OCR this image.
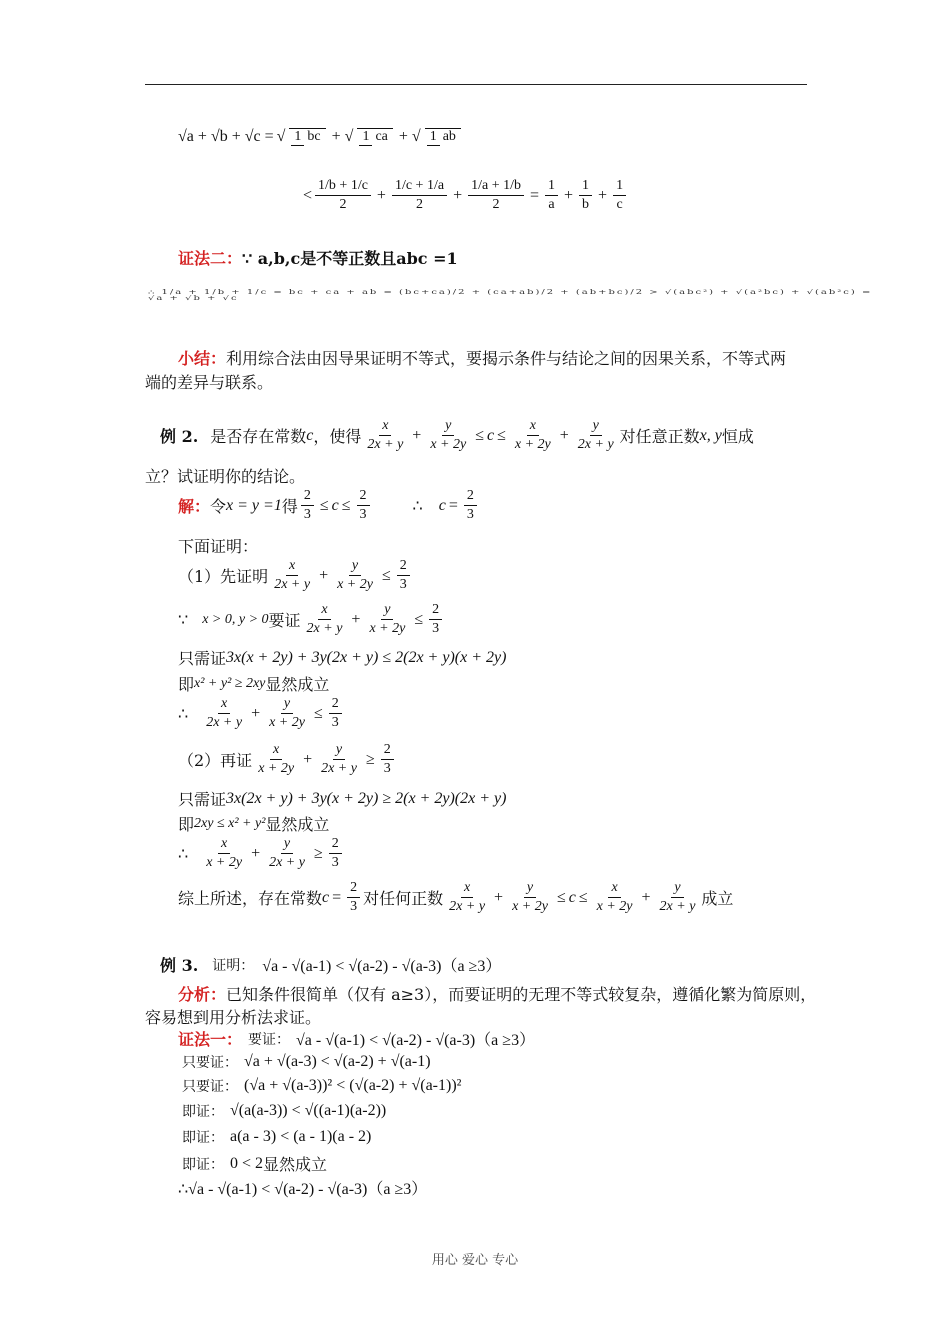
√a + √b + √c = √ 1 bc + √ 1 ca + √ 1 ab
< $\frac{1/b + 1/c}{2} + \frac{1/c + 1/a}{2} + \frac{1/a + 1/b}{2} = \frac{1}{a} + \frac{1}{b} + \frac{1}{c}$
证法二： ∵ a,b,c是不等正数且abc =1
∴ 1/a + 1/b + 1/c = bc + ca + ab = (bc+ca)/2 + (ca+ab)/2 + (ab+bc)/2 > √(abc²) + √(a²bc) + √(ab²c) = √a + √b + √c
小结： 利用综合法由因导果证明不等式，要揭示条件与结论之间的因果关系，不等式两
端的差异与联系。
例 2. 是否存在常数 c ，使得 $\frac{x}{2x + y} + \frac{y}{x + 2y} \le c \le \frac{x}{x + 2y} + \frac{y}{2x + y}$ 对任意正数 x, y 恒成
立？试证明你的结论。
解： 令 x = y =1 得 $\frac{2}{3} \le c \le \frac{2}{3}$	∴ $c = \frac{2}{3}$
下面证明：
（1）先证明 $\frac{x}{2x + y} + \frac{y}{x + 2y} \le \frac{2}{3}$
∵ x > 0, y > 0 要证 $\frac{x}{2x + y} + \frac{y}{x + 2y} \le \frac{2}{3}$
只需证 3x(x + 2y) + 3y(2x + y) ≤ 2(2x + y)(x + 2y)
即 x² + y² ≥ 2xy 显然成立
∴ $\frac{x}{2x + y} + \frac{y}{x + 2y} \le \frac{2}{3}$
（2）再证 $\frac{x}{x + 2y} + \frac{y}{2x + y} \ge \frac{2}{3}$
只需证 3x(2x + y) + 3y(x + 2y) ≥ 2(x + 2y)(2x + y)
即 2xy ≤ x² + y² 显然成立
∴ $\frac{x}{x + 2y} + \frac{y}{2x + y} \ge \frac{2}{3}$
综上所述，存在常数 $c = \frac{2}{3}$ 对任何正数 $\frac{x}{2x + y} + \frac{y}{x + 2y} \le c \le \frac{x}{x + 2y} + \frac{y}{2x + y}$ 成立
例 3. 证明： √a - √(a-1) < √(a-2) - √(a-3)（a ≥3）
分析： 已知条件很简单（仅有 a≥3），而要证明的无理不等式较复杂，遵循化繁为简原则，
容易想到用分析法求证。
证法一： 要证： √a - √(a-1) < √(a-2) - √(a-3)（a ≥3）
只要证： √a + √(a-3) < √(a-2) + √(a-1)
只要证： (√a + √(a-3))² < (√(a-2) + √(a-1))²
即证： √(a(a-3)) < √((a-1)(a-2))
即证： a(a - 3) < (a - 1)(a - 2)
即证： 0 < 2 显然成立
∴√a - √(a-1) < √(a-2) - √(a-3)（a ≥3）
用心 爱心 专心
